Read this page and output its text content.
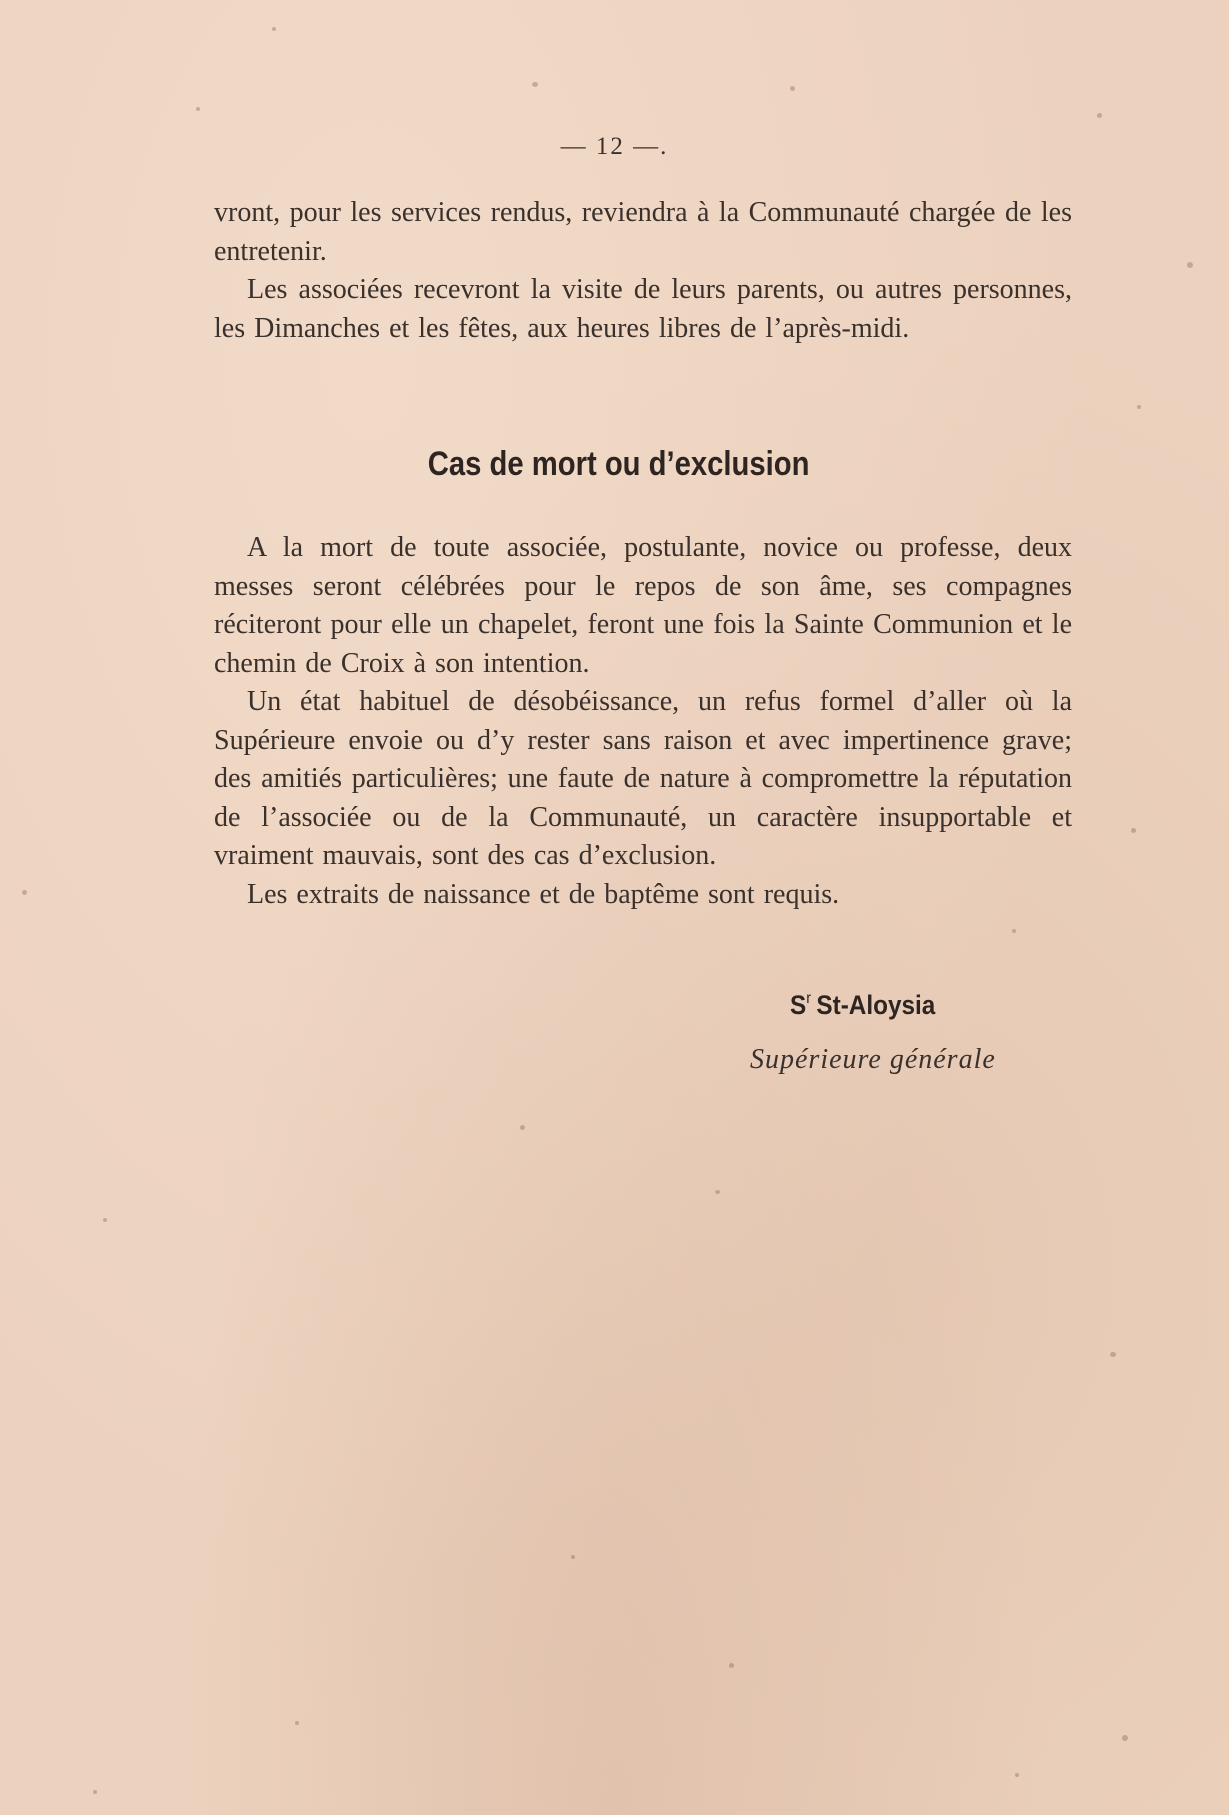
— 12 —.

vront, pour les services rendus, reviendra à la Communauté chargée de les entretenir.

Les associées recevront la visite de leurs parents, ou autres personnes, les Dimanches et les fêtes, aux heures libres de l’après-midi.

Cas de mort ou d’exclusion

A la mort de toute associée, postulante, novice ou professe, deux messes seront célébrées pour le repos de son âme, ses compagnes réciteront pour elle un chapelet, feront une fois la Sainte Communion et le chemin de Croix à son intention.

Un état habituel de désobéissance, un refus formel d’aller où la Supérieure envoie ou d’y rester sans raison et avec impertinence grave; des amitiés particulières; une faute de nature à compromettre la réputation de l’associée ou de la Communauté, un caractère insupportable et vraiment mauvais, sont des cas d’exclusion.

Les extraits de naissance et de baptême sont requis.

$S^r$ St-Aloysia
Supérieure générale
